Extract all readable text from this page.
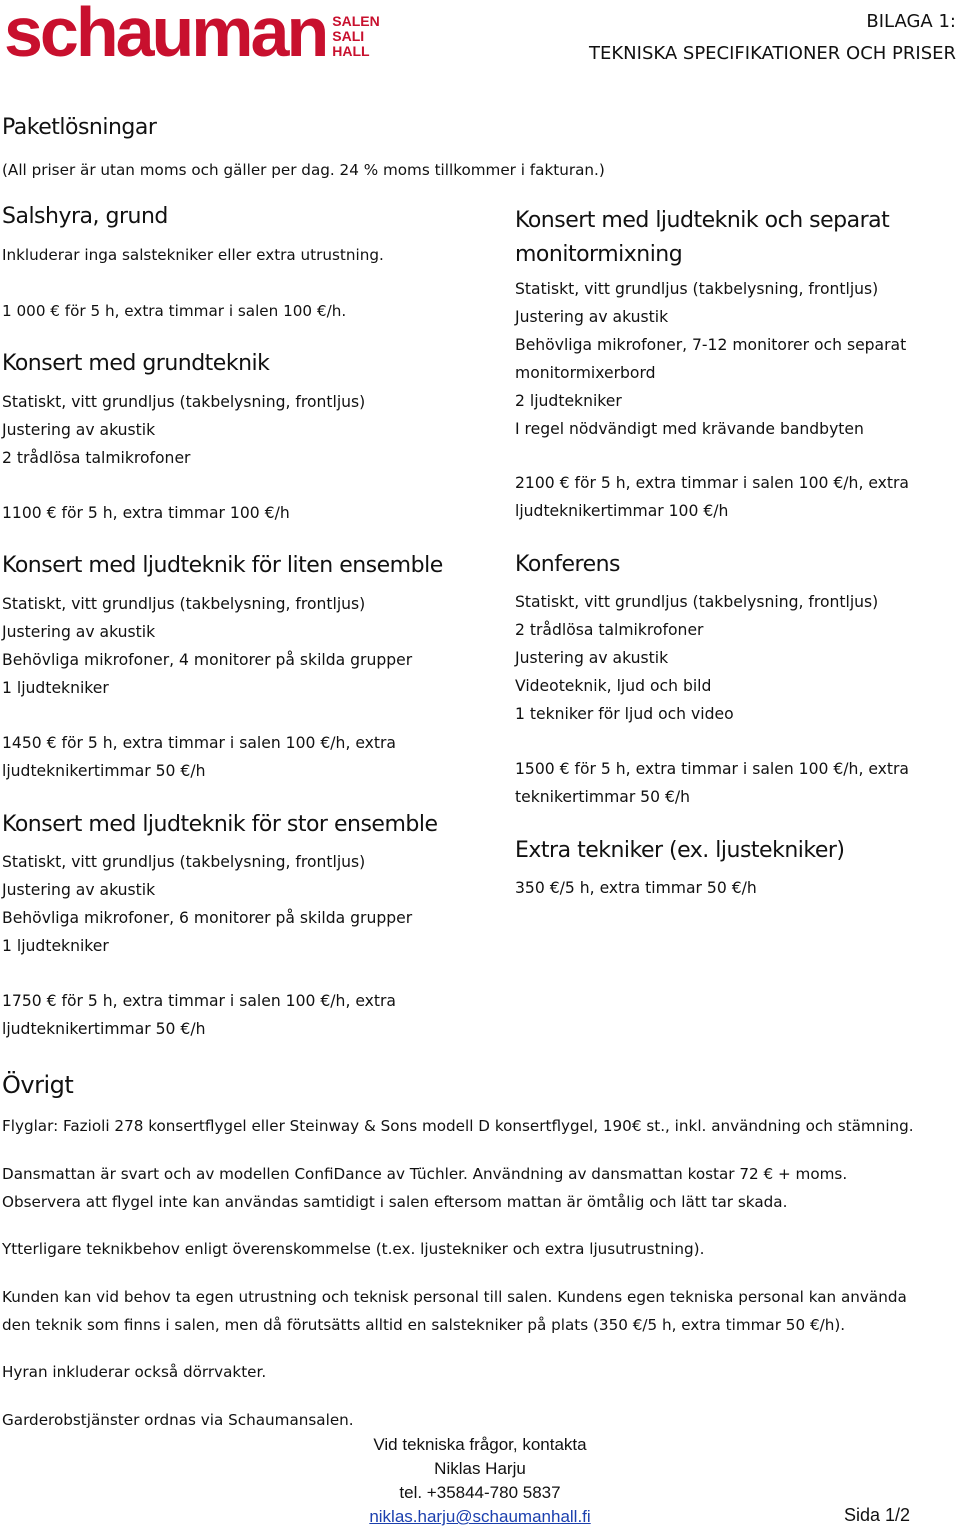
schauman SALEN
SALI
HALL
BILAGA 1:
TEKNISKA SPECIFIKATIONER OCH PRISER
Paketlösningar
(All priser är utan moms och gäller per dag. 24 % moms tillkommer i fakturan.)
Salshyra, grund
Inkluderar inga salstekniker eller extra utrustning.
1 000 € för 5 h, extra timmar i salen 100 €/h.
Konsert med grundteknik
Statiskt, vitt grundljus (takbelysning, frontljus)
Justering av akustik
2 trådlösa talmikrofoner
1100 € för 5 h, extra timmar 100 €/h
Konsert med ljudteknik för liten ensemble
Statiskt, vitt grundljus (takbelysning, frontljus)
Justering av akustik
Behövliga mikrofoner, 4 monitorer på skilda grupper
1 ljudtekniker
1450 € för 5 h, extra timmar i salen 100 €/h, extra
ljudteknikertimmar 50 €/h
Konsert med ljudteknik för stor ensemble
Statiskt, vitt grundljus (takbelysning, frontljus)
Justering av akustik
Behövliga mikrofoner, 6 monitorer på skilda grupper
1 ljudtekniker
1750 € för 5 h, extra timmar i salen 100 €/h, extra
ljudteknikertimmar 50 €/h
Konsert med ljudteknik och separat
monitormixning
Statiskt, vitt grundljus (takbelysning, frontljus)
Justering av akustik
Behövliga mikrofoner, 7-12 monitorer och separat
monitormixerbord
2 ljudtekniker
I regel nödvändigt med krävande bandbyten
2100 € för 5 h, extra timmar i salen 100 €/h, extra
ljudteknikertimmar 100 €/h
Konferens
Statiskt, vitt grundljus (takbelysning, frontljus)
2 trådlösa talmikrofoner
Justering av akustik
Videoteknik, ljud och bild
1 tekniker för ljud och video
1500 € för 5 h, extra timmar i salen 100 €/h, extra
teknikertimmar 50 €/h
Extra tekniker (ex. ljustekniker)
350 €/5 h, extra timmar 50 €/h
Övrigt
Flyglar: Fazioli 278 konsertflygel eller Steinway & Sons modell D konsertflygel, 190€ st., inkl. användning och stämning.
Dansmattan är svart och av modellen ConfiDance av Tüchler. Användning av dansmattan kostar 72 € + moms.
Observera att flygel inte kan användas samtidigt i salen eftersom mattan är ömtålig och lätt tar skada.
Ytterligare teknikbehov enligt överenskommelse (t.ex. ljustekniker och extra ljusutrustning).
Kunden kan vid behov ta egen utrustning och teknisk personal till salen. Kundens egen tekniska personal kan använda
den teknik som finns i salen, men då förutsätts alltid en salstekniker på plats (350 €/5 h, extra timmar 50 €/h).
Hyran inkluderar också dörrvakter.
Garderobstjänster ordnas via Schaumansalen.
Vid tekniska frågor, kontakta
Niklas Harju
tel. +35844-780 5837
niklas.harju@schaumanhall.fi	Sida 1/2
